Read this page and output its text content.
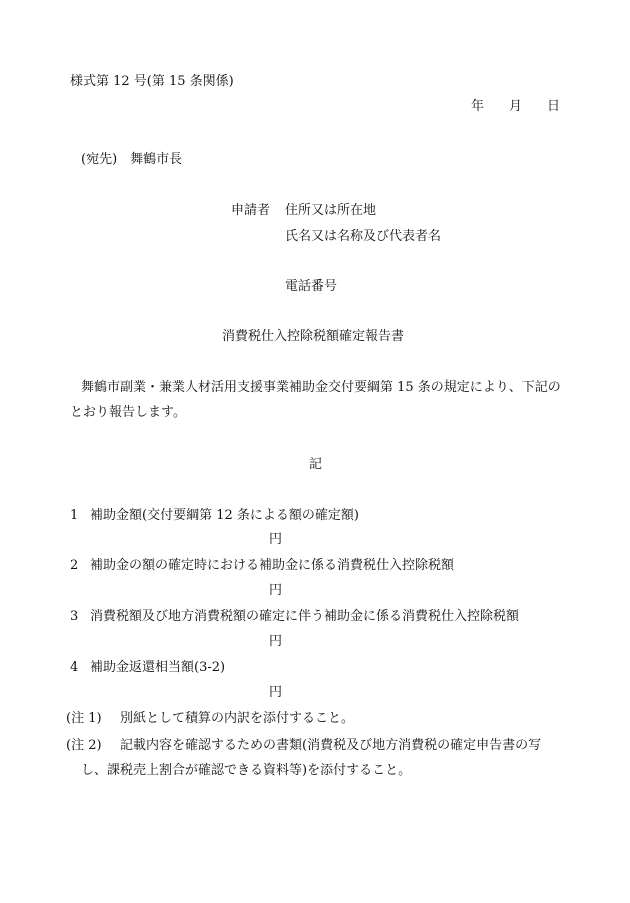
様式第 12 号(第 15 条関係)
年 月 日
(宛先)　舞鶴市長
申請者 住所又は所在地
氏名又は名称及び代表者名
電話番号
消費税仕入控除税額確定報告書
舞鶴市副業・兼業人材活用支援事業補助金交付要綱第 15 条の規定により、下記の
とおり報告します。
記
1 補助金額(交付要綱第 12 条による額の確定額)
円
2 補助金の額の確定時における補助金に係る消費税仕入控除税額
円
3 消費税額及び地方消費税額の確定に伴う補助金に係る消費税仕入控除税額
円
4 補助金返還相当額(3-2)
円
(注 1) 別紙として積算の内訳を添付すること。
(注 2) 記載内容を確認するための書類(消費税及び地方消費税の確定申告書の写
し、課税売上割合が確認できる資料等)を添付すること。
